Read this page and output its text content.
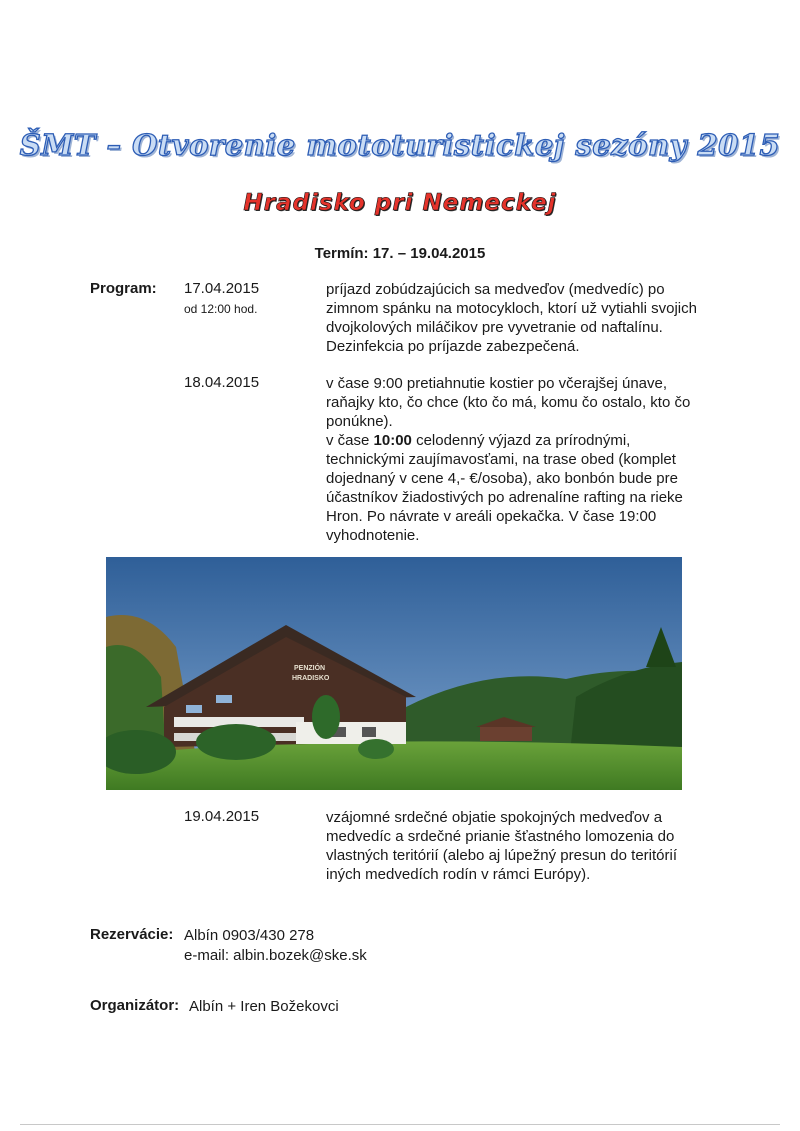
ŠMT – Otvorenie mototuristickej sezóny 2015
Hradisko pri Nemeckej
Termín: 17. – 19.04.2015
Program: 17.04.2015
od 12:00 hod.

príjazd zobúdzajúcich sa medveďov (medvedíc) po zimnom spánku na motocykloch, ktorí už vytiahli svojich dvojkolových miláčikov pre vyvetranie od naftalínu. Dezinfekcia po príjazde zabezpečená.

18.04.2015	v čase 9:00 pretiahnutie kostier po včerajšej únave, raňajky kto, čo chce (kto čo má, komu čo ostalo, kto čo ponúkne).

v čase 10:00 celodenný výjazd za prírodnými, technickými zaujímavosťami, na trase obed (komplet dojednaný v cene 4,- €/osoba), ako bonbón bude pre účastníkov žiadostivých po adrenalíne rafting na rieke Hron. Po návrate v areáli opekačka. V čase 19:00 vyhodnotenie.

PENZIÓN
HRADISKO
19.04.2015	vzájomné srdečné objatie spokojných medveďov a medvedíc a srdečné prianie šťastného lomozenia do vlastných teritórií (alebo aj lúpežný presun do teritórií iných medvedích rodín v rámci Európy).

Rezervácie: Albín 0903/430 278
e-mail: albin.bozek@ske.sk
Organizátor: Albín + Iren Božekovci
